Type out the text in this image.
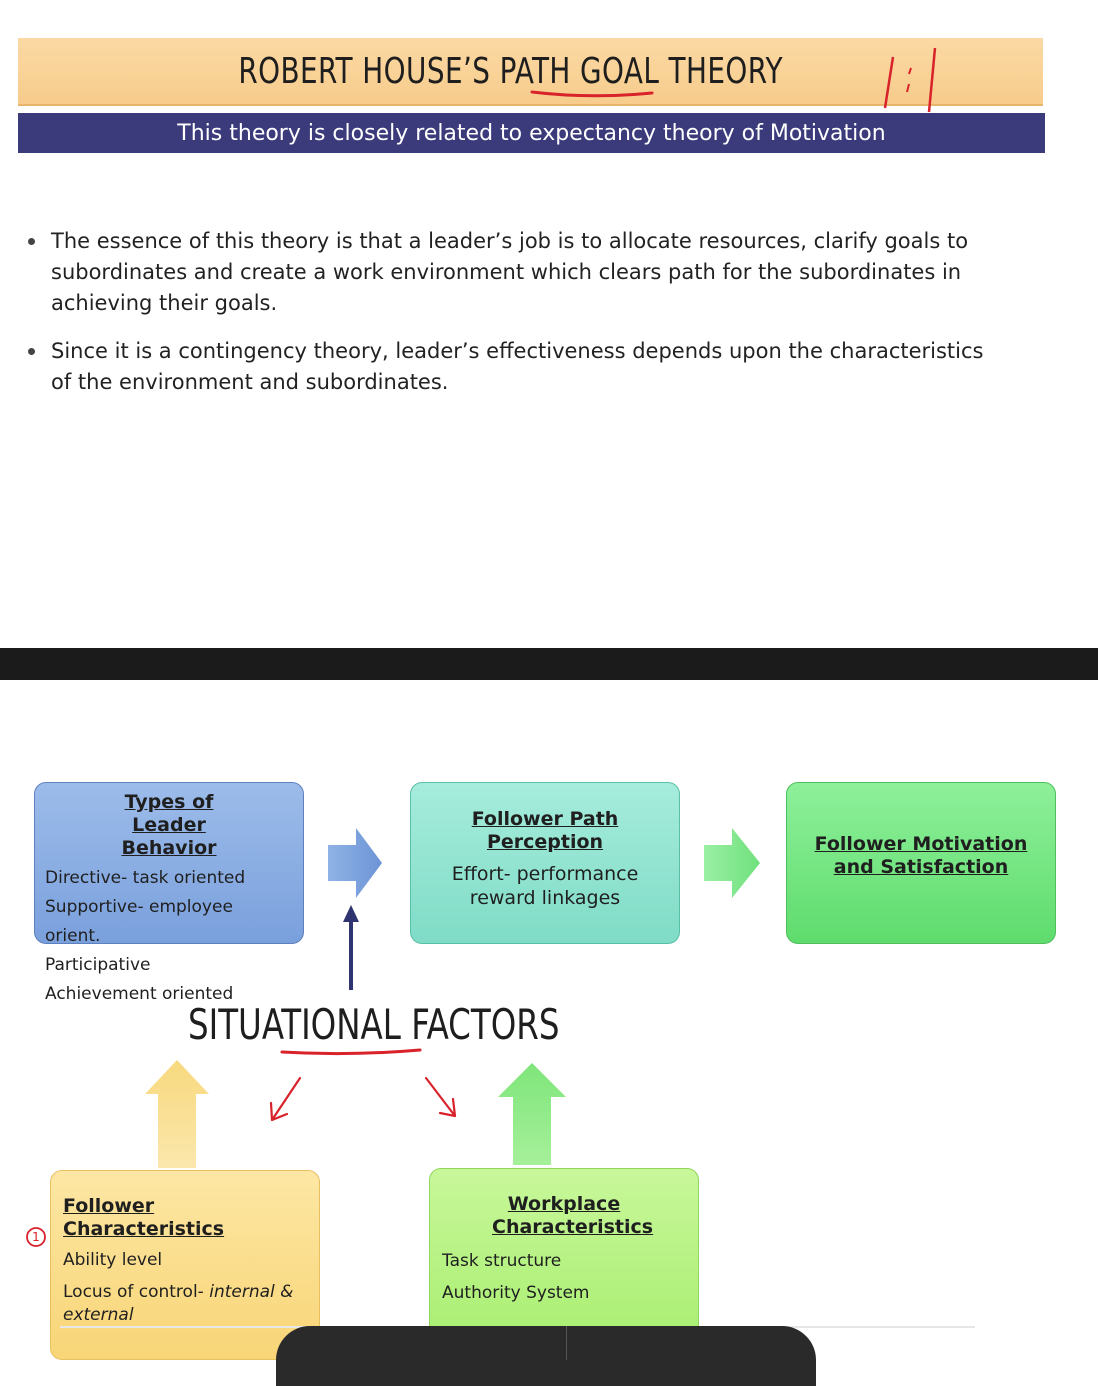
ROBERT HOUSE’S PATH GOAL THEORY
This theory is closely related to expectancy theory of Motivation
The essence of this theory is that a leader’s job is to allocate resources, clarify goals to subordinates and create a work environment which clears path for the subordinates in achieving their goals.
Since it is a contingency theory, leader’s effectiveness depends upon the characteristics of the environment and subordinates.
Types of Leader Behavior
Directive- task oriented
Supportive- employee orient.
Participative
Achievement oriented
Follower Path Perception
Effort- performance reward linkages
Follower Motivation and Satisfaction
SITUATIONAL FACTORS
Follower Characteristics
Ability level
Locus of control- internal & external
Workplace Characteristics
Task structure
Authority System
1
